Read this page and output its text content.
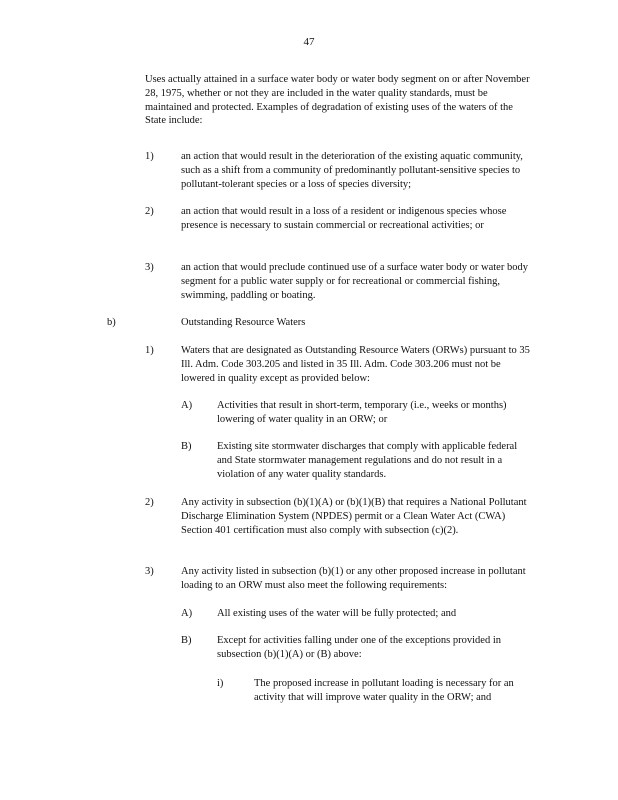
47
Uses actually attained in a surface water body or water body segment on or after November 28, 1975, whether or not they are included in the water quality standards, must be maintained and protected. Examples of degradation of existing uses of the waters of the State include:
1)	an action that would result in the deterioration of the existing aquatic community, such as a shift from a community of predominantly pollutant-sensitive species to pollutant-tolerant species or a loss of species diversity;
2)	an action that would result in a loss of a resident or indigenous species whose presence is necessary to sustain commercial or recreational activities; or
3)	an action that would preclude continued use of a surface water body or water body segment for a public water supply or for recreational or commercial fishing, swimming, paddling or boating.
b)	Outstanding Resource Waters
1)	Waters that are designated as Outstanding Resource Waters (ORWs) pursuant to 35 Ill. Adm. Code 303.205 and listed in 35 Ill. Adm. Code 303.206 must not be lowered in quality except as provided below:
A)	Activities that result in short-term, temporary (i.e., weeks or months) lowering of water quality in an ORW; or
B)	Existing site stormwater discharges that comply with applicable federal and State stormwater management regulations and do not result in a violation of any water quality standards.
2)	Any activity in subsection (b)(1)(A) or (b)(1)(B) that requires a National Pollutant Discharge Elimination System (NPDES) permit or a Clean Water Act (CWA) Section 401 certification must also comply with subsection (c)(2).
3)	Any activity listed in subsection (b)(1) or any other proposed increase in pollutant loading to an ORW must also meet the following requirements:
A)	All existing uses of the water will be fully protected; and
B)	Except for activities falling under one of the exceptions provided in subsection (b)(1)(A) or (B) above:
i)	The proposed increase in pollutant loading is necessary for an activity that will improve water quality in the ORW; and
